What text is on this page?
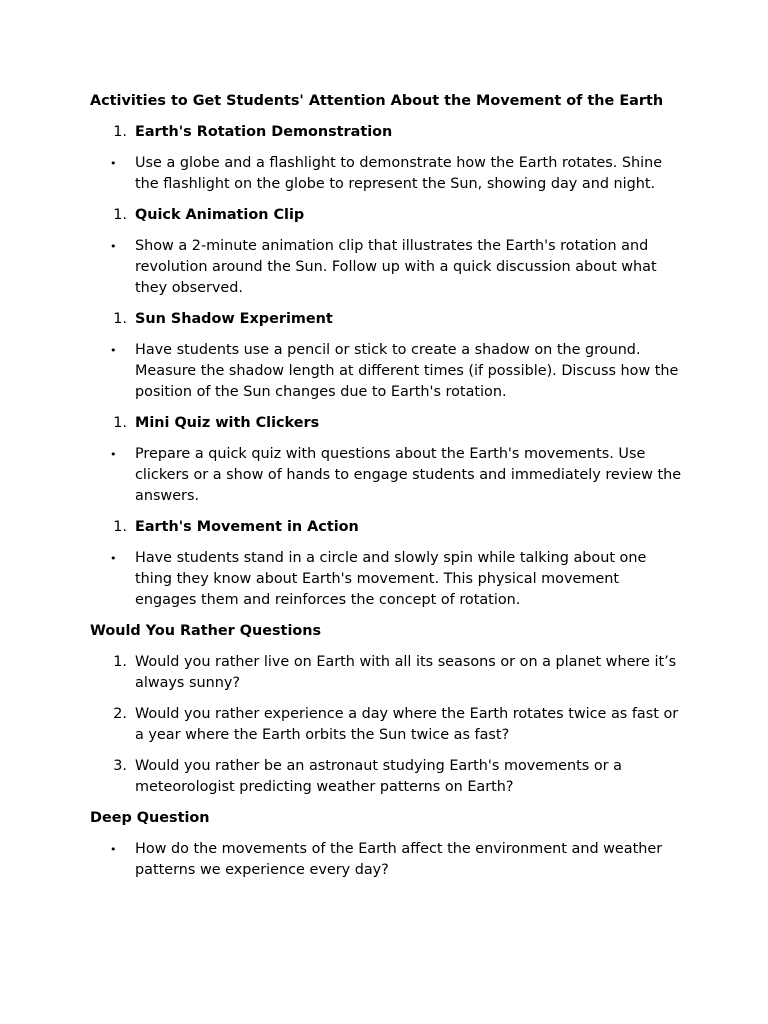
Activities to Get Students' Attention About the Movement of the Earth
1. Earth's Rotation Demonstration
•	Use a globe and a flashlight to demonstrate how the Earth rotates. Shine the flashlight on the globe to represent the Sun, showing day and night.
1. Quick Animation Clip
•	Show a 2-minute animation clip that illustrates the Earth's rotation and revolution around the Sun. Follow up with a quick discussion about what they observed.
1. Sun Shadow Experiment
•	Have students use a pencil or stick to create a shadow on the ground. Measure the shadow length at different times (if possible). Discuss how the position of the Sun changes due to Earth's rotation.
1. Mini Quiz with Clickers
•	Prepare a quick quiz with questions about the Earth's movements. Use clickers or a show of hands to engage students and immediately review the answers.
1. Earth's Movement in Action
•	Have students stand in a circle and slowly spin while talking about one thing they know about Earth's movement. This physical movement engages them and reinforces the concept of rotation.
Would You Rather Questions
1. Would you rather live on Earth with all its seasons or on a planet where it’s always sunny?
2. Would you rather experience a day where the Earth rotates twice as fast or a year where the Earth orbits the Sun twice as fast?
3. Would you rather be an astronaut studying Earth's movements or a meteorologist predicting weather patterns on Earth?
Deep Question
•	How do the movements of the Earth affect the environment and weather patterns we experience every day?
